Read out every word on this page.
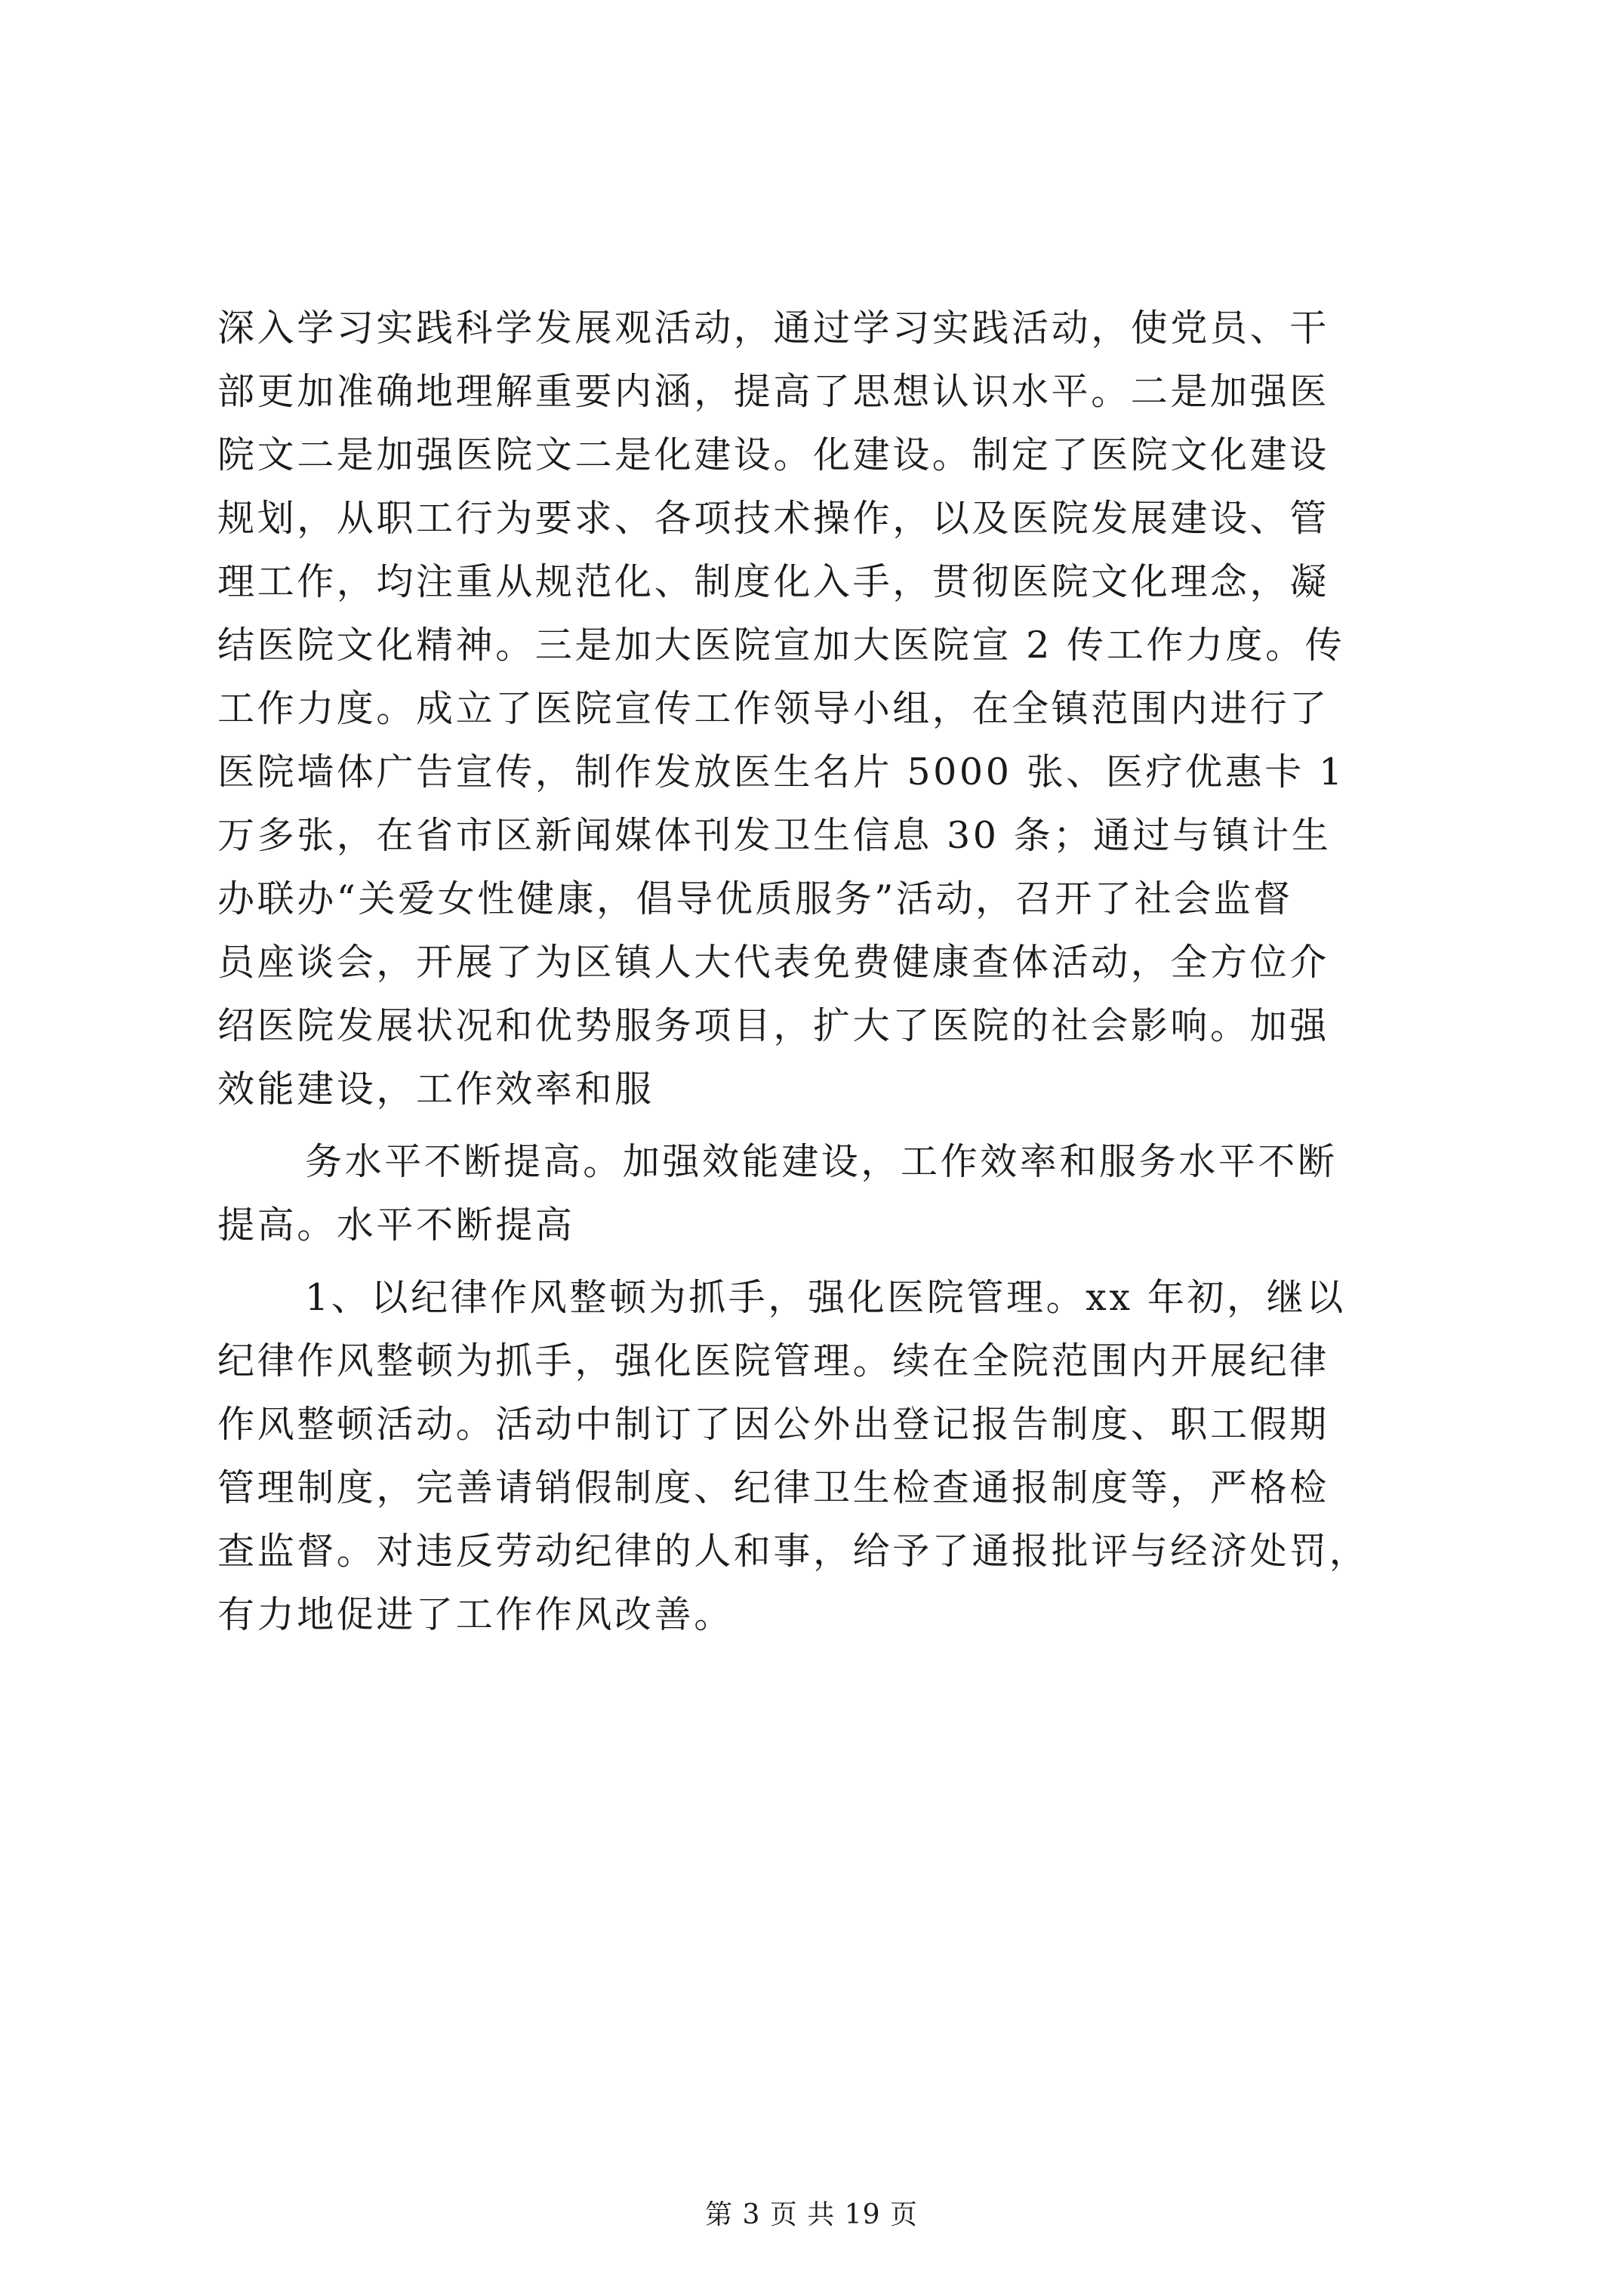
深入学习实践科学发展观活动，通过学习实践活动，使党员、干
部更加准确地理解重要内涵，提高了思想认识水平。二是加强医
院文二是加强医院文二是化建设。化建设。制定了医院文化建设
规划，从职工行为要求、各项技术操作，以及医院发展建设、管
理工作，均注重从规范化、制度化入手，贯彻医院文化理念，凝
结医院文化精神。三是加大医院宣加大医院宣 2 传工作力度。传
工作力度。成立了医院宣传工作领导小组，在全镇范围内进行了
医院墙体广告宣传，制作发放医生名片 5000 张、医疗优惠卡 1
万多张，在省市区新闻媒体刊发卫生信息 30 条；通过与镇计生
办联办“关爱女性健康，倡导优质服务”活动，召开了社会监督
员座谈会，开展了为区镇人大代表免费健康查体活动，全方位介
绍医院发展状况和优势服务项目，扩大了医院的社会影响。加强
效能建设，工作效率和服
务水平不断提高。加强效能建设，工作效率和服务水平不断
提高。水平不断提高
1、以纪律作风整顿为抓手，强化医院管理。xx 年初，继以
纪律作风整顿为抓手，强化医院管理。续在全院范围内开展纪律
作风整顿活动。活动中制订了因公外出登记报告制度、职工假期
管理制度，完善请销假制度、纪律卫生检查通报制度等，严格检
查监督。对违反劳动纪律的人和事，给予了通报批评与经济处罚，
有力地促进了工作作风改善。
第 3 页 共 19 页
